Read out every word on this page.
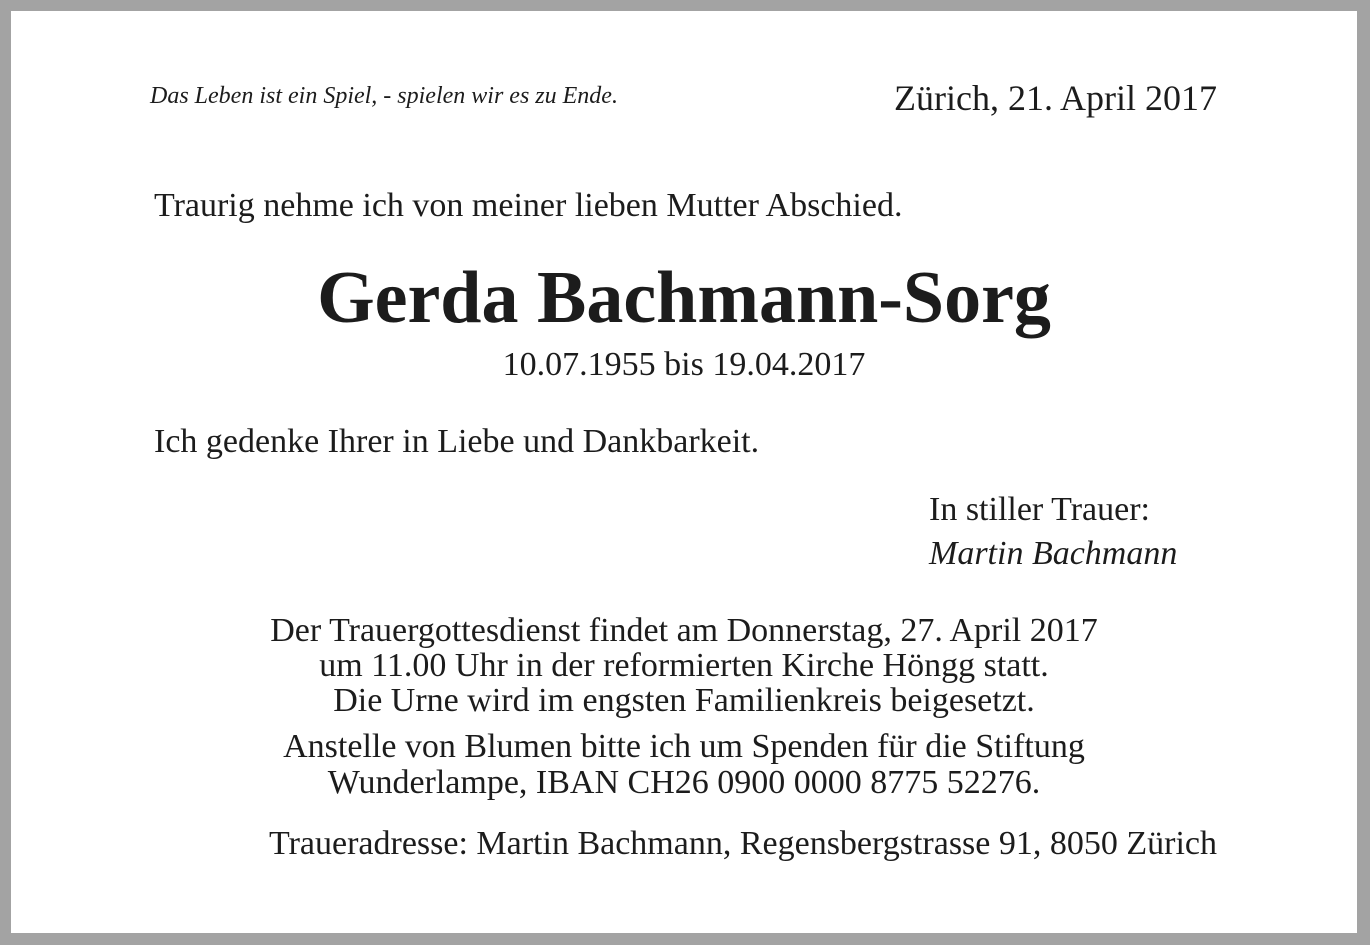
Das Leben ist ein Spiel, - spielen wir es zu Ende.	Zürich, 21. April 2017

Traurig nehme ich von meiner lieben Mutter Abschied.

Gerda Bachmann-Sorg

10.07.1955 bis 19.04.2017

Ich gedenke Ihrer in Liebe und Dankbarkeit.

In stiller Trauer:
Martin Bachmann
Der Trauergottesdienst findet am Donnerstag, 27. April 2017
um 11.00 Uhr in der reformierten Kirche Höngg statt.
Die Urne wird im engsten Familienkreis beigesetzt.
Anstelle von Blumen bitte ich um Spenden für die Stiftung
Wunderlampe, IBAN CH26 0900 0000 8775 52276.

Traueradresse: Martin Bachmann, Regensbergstrasse 91, 8050 Zürich
